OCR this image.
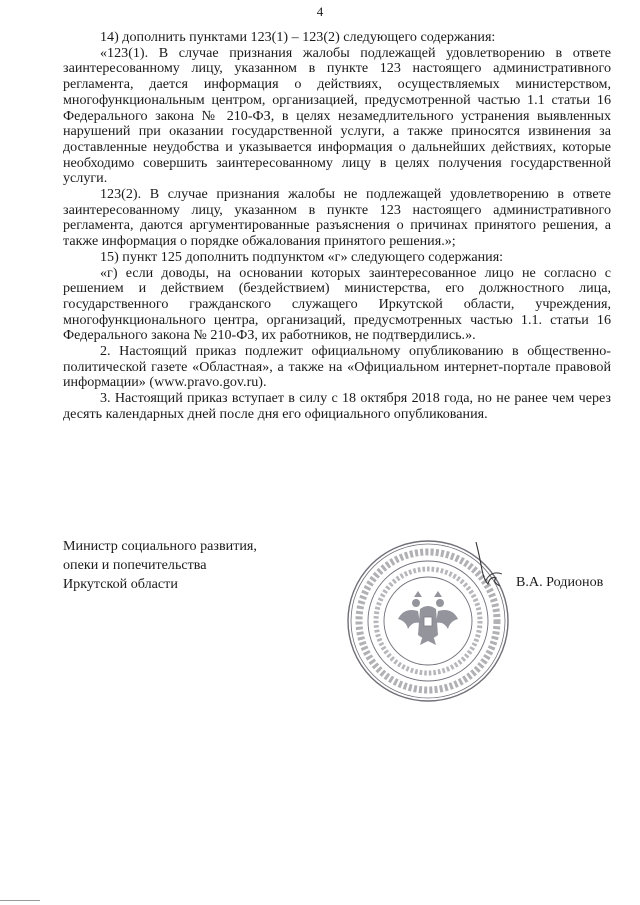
4

14) дополнить пунктами 123(1) – 123(2) следующего содержания:

«123(1). В случае признания жалобы подлежащей удовлетворению в ответе заинтересованному лицу, указанном в пункте 123 настоящего административного регламента, дается информация о действиях, осуществляемых министерством, многофункциональным центром, организацией, предусмотренной частью 1.1 статьи 16 Федерального закона № 210-ФЗ, в целях незамедлительного устранения выявленных нарушений при оказании государственной услуги, а также приносятся извинения за доставленные неудобства и указывается информация о дальнейших действиях, которые необходимо совершить заинтересованному лицу в целях получения государственной услуги.

123(2). В случае признания жалобы не подлежащей удовлетворению в ответе заинтересованному лицу, указанном в пункте 123 настоящего административного регламента, даются аргументированные разъяснения о причинах принятого решения, а также информация о порядке обжалования принятого решения.»;

15) пункт 125 дополнить подпунктом «г» следующего содержания:

«г) если доводы, на основании которых заинтересованное лицо не согласно с решением и действием (бездействием) министерства, его должностного лица, государственного гражданского служащего Иркутской области, учреждения, многофункционального центра, организаций, предусмотренных частью 1.1. статьи 16 Федерального закона № 210-ФЗ, их работников, не подтвердились.».

2. Настоящий приказ подлежит официальному опубликованию в общественно-политической газете «Областная», а также на «Официальном интернет-портале правовой информации» (www.pravo.gov.ru).

3. Настоящий приказ вступает в силу с 18 октября 2018 года, но не ранее чем через десять календарных дней после дня его официального опубликования.

Министр социального развития,
опеки и попечительства
Иркутской области	В.А. Родионов
